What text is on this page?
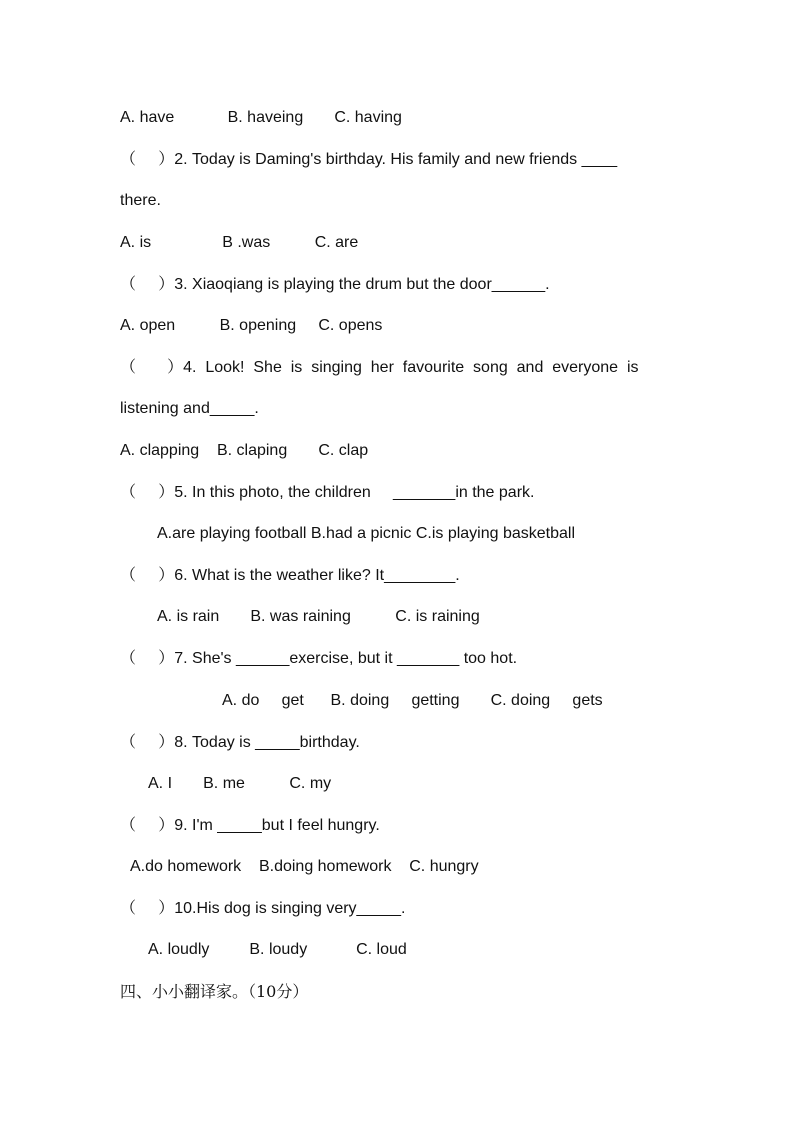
A. have            B. haveing       C. having
（     ）2. Today is Daming's birthday. His family and new friends ____
there.
A. is                B .was          C. are
（     ）3. Xiaoqiang is playing the drum but the door______.
A. open          B. opening     C. opens
（       ）4.  Look!  She  is  singing  her  favourite  song  and  everyone  is
listening and_____.
A. clapping    B. claping       C. clap
（     ）5. In this photo, the children     _______in the park.
A.are playing football B.had a picnic C.is playing basketball
（     ）6. What is the weather like? It________.
A. is rain       B. was raining          C. is raining
（     ）7. She's ______exercise, but it _______ too hot.
A. do     get      B. doing     getting       C. doing     gets
（     ）8. Today is _____birthday.
A. I       B. me          C. my
（     ）9. I'm _____but I feel hungry.
A.do homework    B.doing homework    C. hungry
（     ）10.His dog is singing very_____.
A. loudly         B. loudy           C. loud
四、小小翻译家。（10分）
